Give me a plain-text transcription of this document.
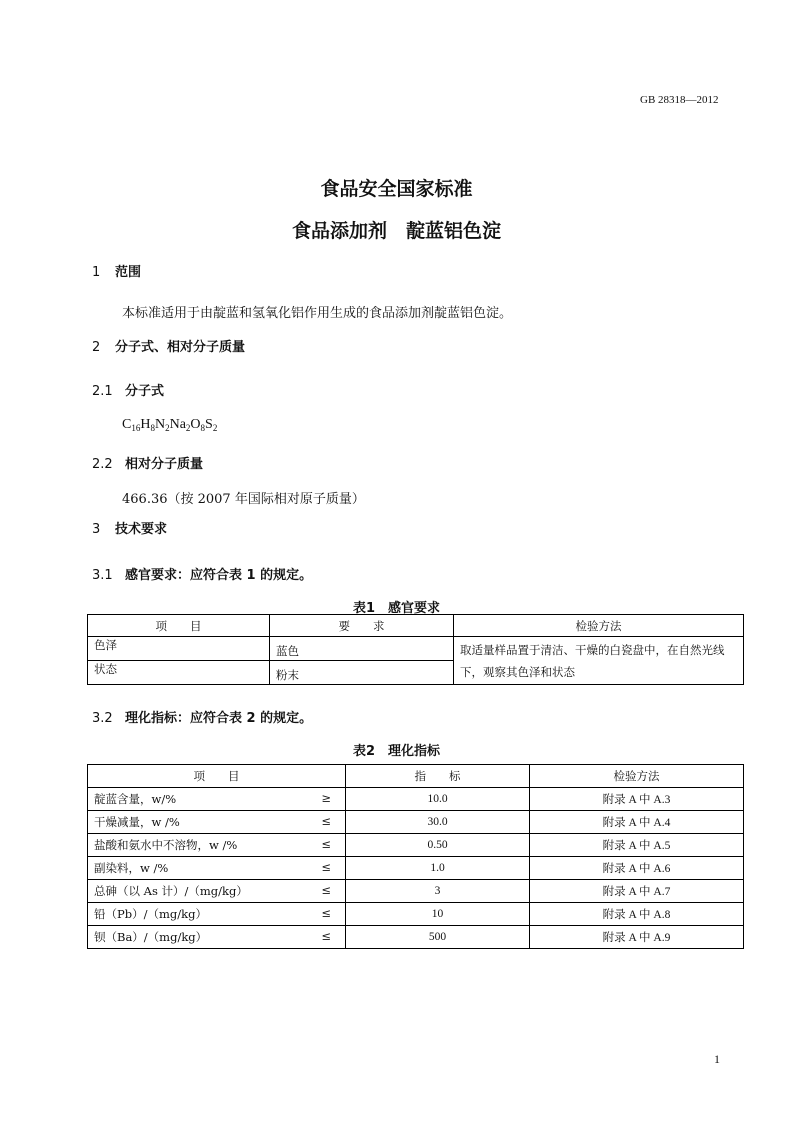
GB 28318—2012
食品安全国家标准
食品添加剂　靛蓝铝色淀
1 范围
本标准适用于由靛蓝和氢氧化铝作用生成的食品添加剂靛蓝铝色淀。
2 分子式、相对分子质量
2.1 分子式
$C_{16}H_8N_2Na_2O_8S_2$
2.2 相对分子质量
466.36（按 2007 年国际相对原子质量）
3 技术要求
3.1 感官要求：应符合表 1 的规定。
表1　感官要求
项　　目	要　　求	检验方法
色泽	蓝色	取适量样品置于清洁、干燥的白瓷盘中，在自然光线
下，观察其色泽和状态

状态	粉末	
3.2 理化指标：应符合表 2 的规定。
表2　理化指标
项　　目	指　　标	检验方法
靛蓝含量，w/% ≥	10.0	附录 A 中 A.3
干燥减量，w /% ≤	30.0	附录 A 中 A.4
盐酸和氨水中不溶物，w /% ≤	0.50	附录 A 中 A.5
副染料，w /% ≤	1.0	附录 A 中 A.6
总砷（以 As 计）/（mg/kg） ≤	3	附录 A 中 A.7
铅（Pb）/（mg/kg） ≤	10	附录 A 中 A.8
钡（Ba）/（mg/kg） ≤	500	附录 A 中 A.9
1
